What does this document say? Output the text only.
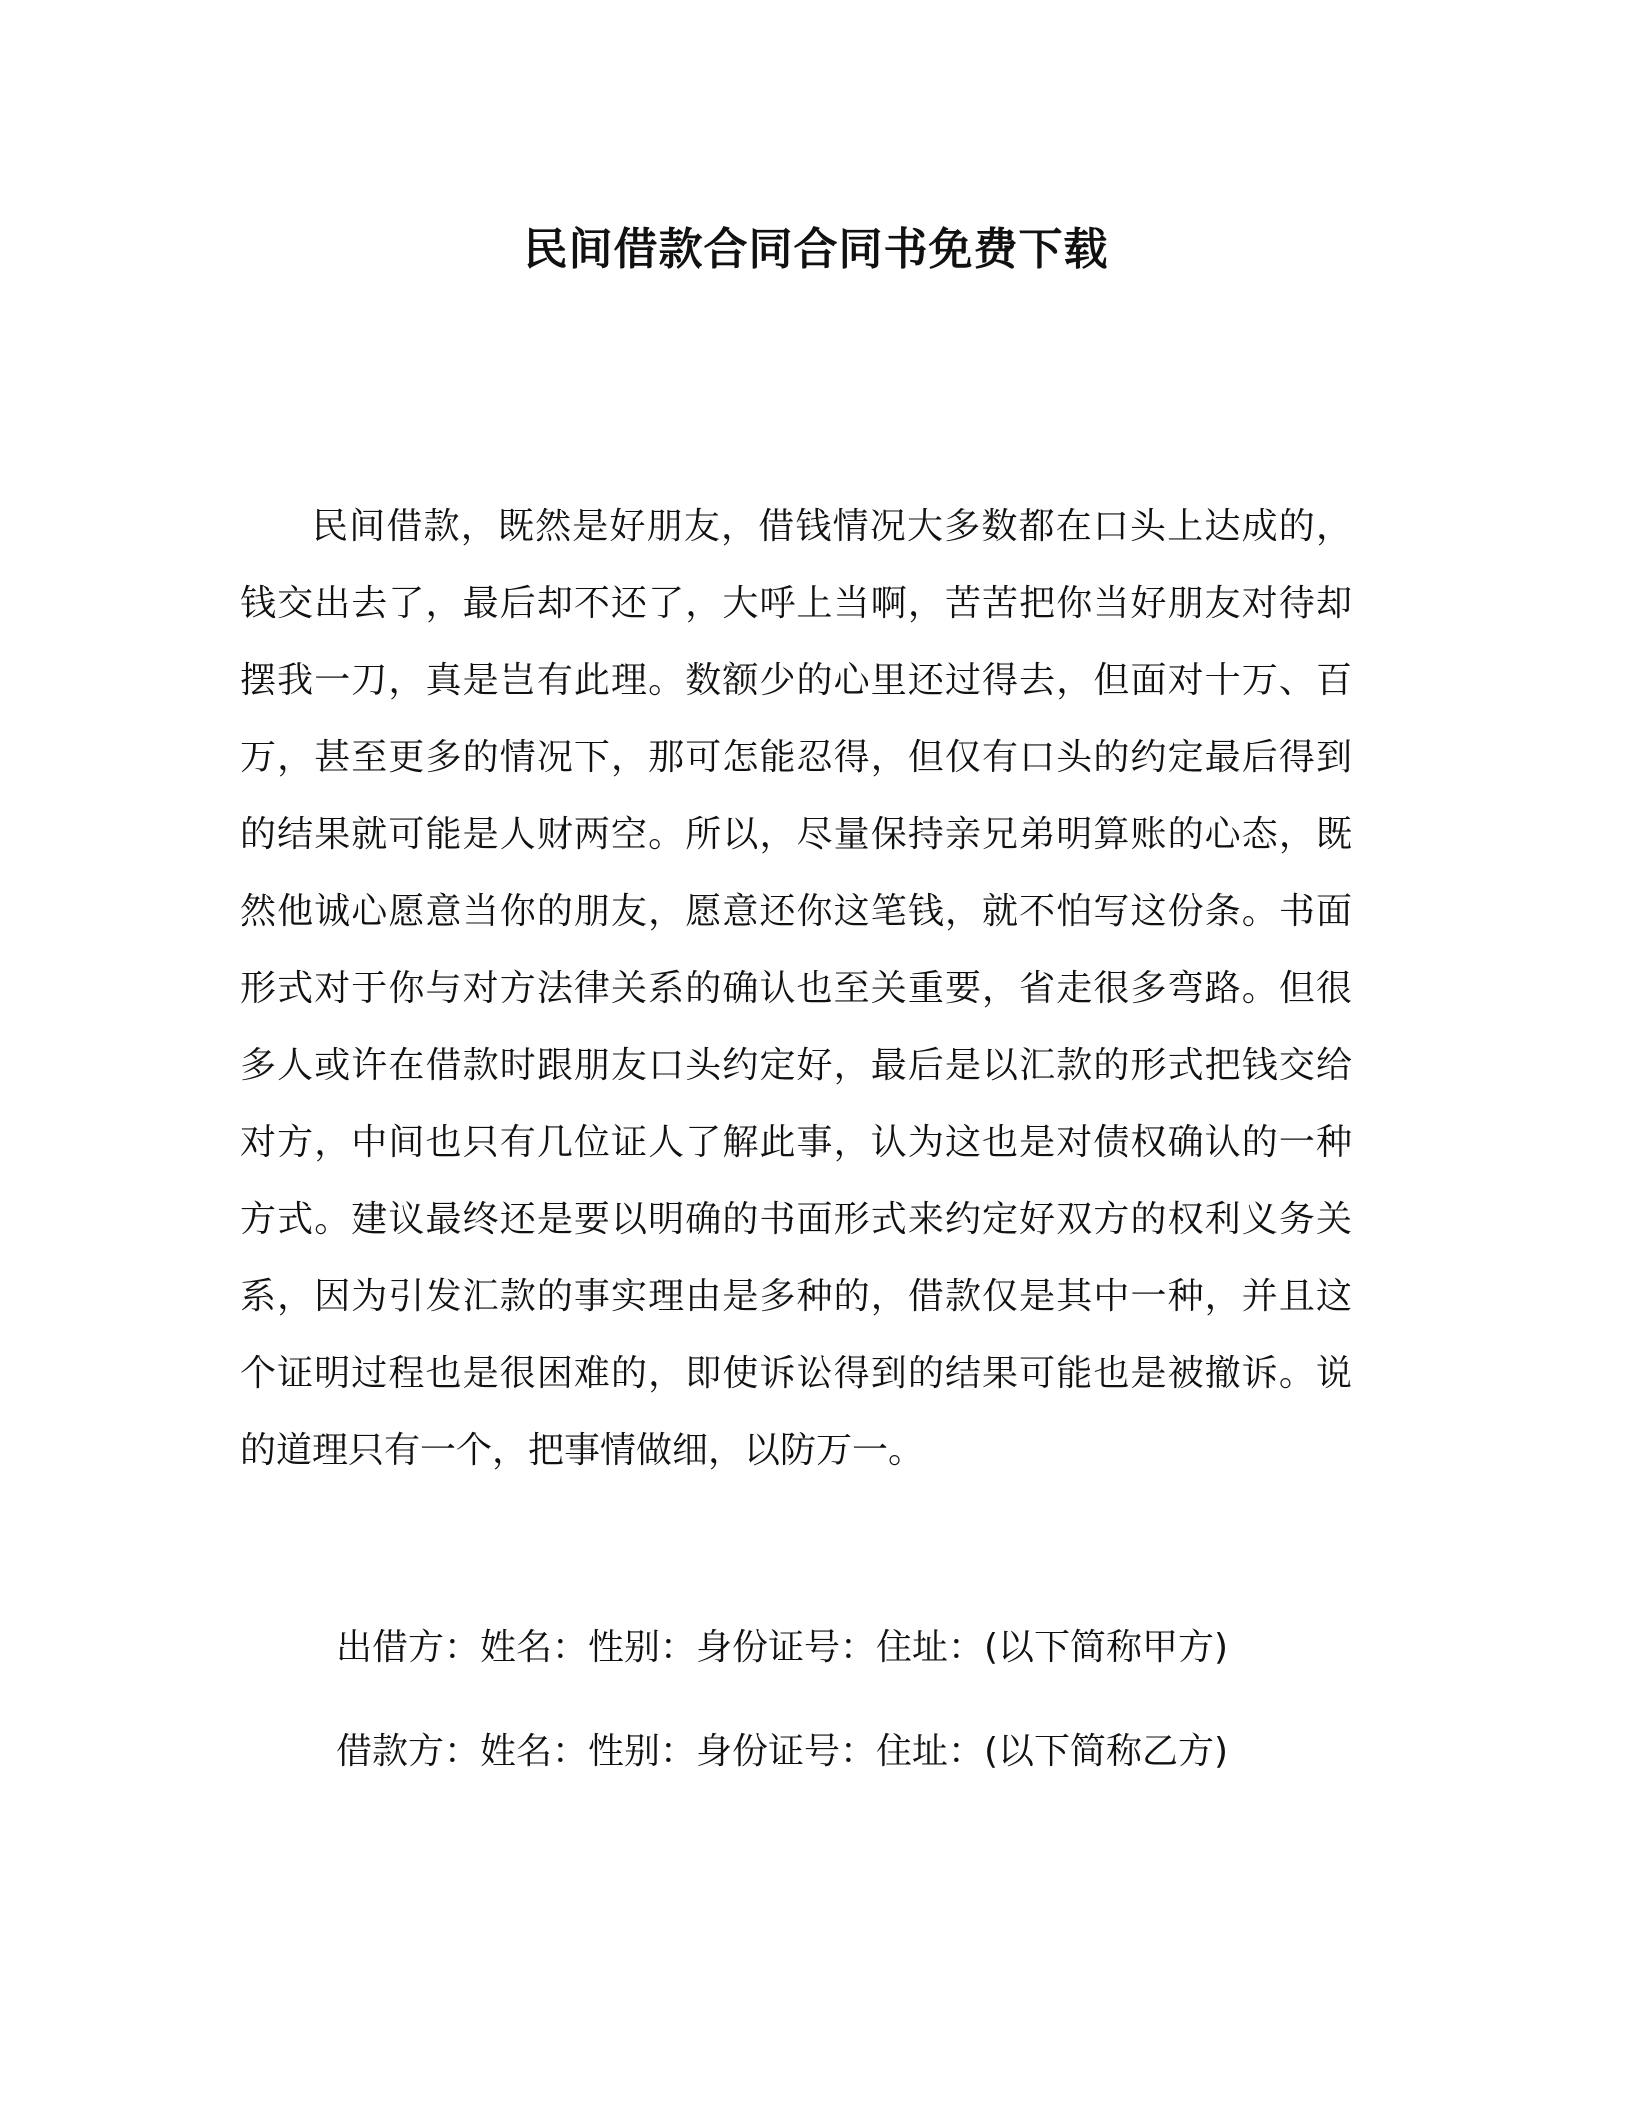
民间借款合同合同书免费下载

民间借款，既然是好朋友，借钱情况大多数都在口头上达成的，钱交出去了，最后却不还了，大呼上当啊，苦苦把你当好朋友对待却摆我一刀，真是岂有此理。数额少的心里还过得去，但面对十万、百万，甚至更多的情况下，那可怎能忍得，但仅有口头的约定最后得到的结果就可能是人财两空。所以，尽量保持亲兄弟明算账的心态，既然他诚心愿意当你的朋友，愿意还你这笔钱，就不怕写这份条。书面形式对于你与对方法律关系的确认也至关重要，省走很多弯路。但很多人或许在借款时跟朋友口头约定好，最后是以汇款的形式把钱交给对方，中间也只有几位证人了解此事，认为这也是对债权确认的一种方式。建议最终还是要以明确的书面形式来约定好双方的权利义务关系，因为引发汇款的事实理由是多种的，借款仅是其中一种，并且这个证明过程也是很困难的，即使诉讼得到的结果可能也是被撤诉。说的道理只有一个，把事情做细，以防万一。

出借方：姓名：性别：身份证号：住址：(以下简称甲方)

借款方：姓名：性别：身份证号：住址：(以下简称乙方)
